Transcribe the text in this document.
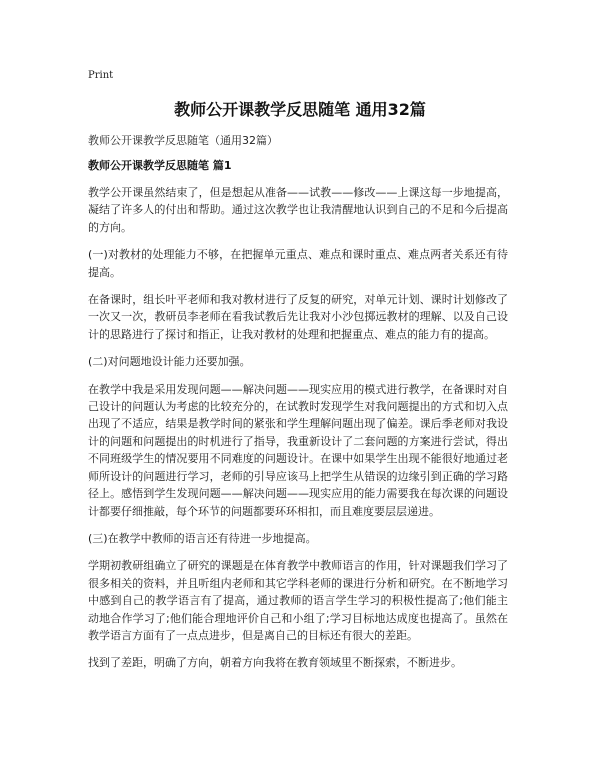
Print
教师公开课教学反思随笔 通用32篇

教师公开课教学反思随笔（通用32篇）

教师公开课教学反思随笔 篇1

教学公开课虽然结束了，但是想起从准备——试教——修改——上课这每一步地提高，凝结了许多人的付出和帮助。通过这次教学也让我清醒地认识到自己的不足和今后提高的方向。

(一)对教材的处理能力不够，在把握单元重点、难点和课时重点、难点两者关系还有待提高。

在备课时，组长叶平老师和我对教材进行了反复的研究，对单元计划、课时计划修改了一次又一次，教研员李老师在看我试教后先让我对小沙包掷远教材的理解、以及自己设计的思路进行了探讨和指正，让我对教材的处理和把握重点、难点的能力有的提高。

(二)对问题地设计能力还要加强。

在教学中我是采用发现问题——解决问题——现实应用的模式进行教学，在备课时对自己设计的问题认为考虑的比较充分的，在试教时发现学生对我问题提出的方式和切入点出现了不适应，结果是教学时间的紧张和学生理解问题出现了偏差。课后季老师对我设计的问题和问题提出的时机进行了指导，我重新设计了二套问题的方案进行尝试，得出不同班级学生的情况要用不同难度的问题设计。在课中如果学生出现不能很好地通过老师所设计的问题进行学习，老师的引导应该马上把学生从错误的边缘引到正确的学习路径上。感悟到学生发现问题——解决问题——现实应用的能力需要我在每次课的问题设计都要仔细推敲，每个环节的问题都要环环相扣，而且难度要层层递进。

(三)在教学中教师的语言还有待进一步地提高。

学期初教研组确立了研究的课题是在体育教学中教师语言的作用，针对课题我们学习了很多相关的资料，并且听组内老师和其它学科老师的课进行分析和研究。在不断地学习中感到自己的教学语言有了提高，通过教师的语言学生学习的积极性提高了;他们能主动地合作学习了;他们能合理地评价自己和小组了;学习目标地达成度也提高了。虽然在教学语言方面有了一点点进步，但是离自己的目标还有很大的差距。

找到了差距，明确了方向，朝着方向我将在教育领域里不断探索，不断进步。
